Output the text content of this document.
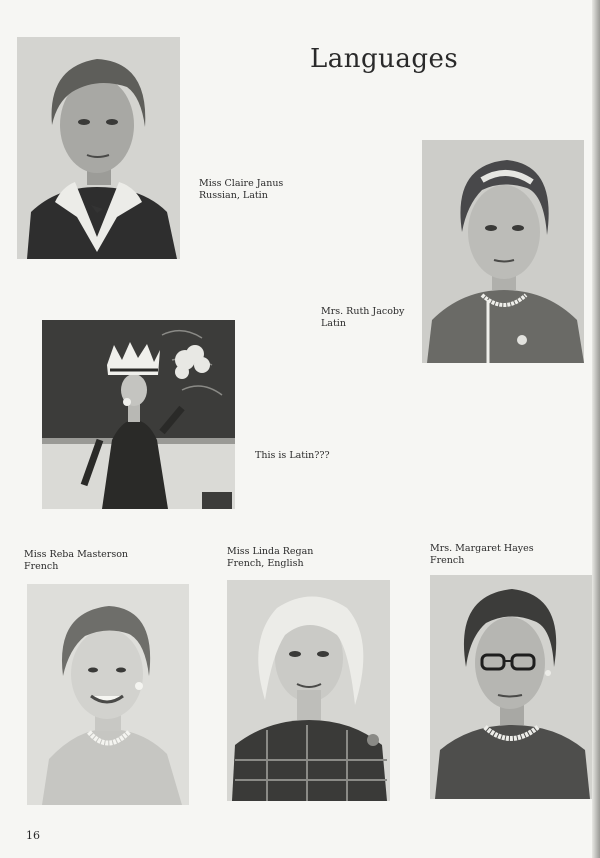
Languages
Miss Claire Janus
Russian, Latin
Mrs. Ruth Jacoby
Latin
This is Latin???
Miss Reba Masterson
French
Miss Linda Regan
French, English
Mrs. Margaret Hayes
French
16
